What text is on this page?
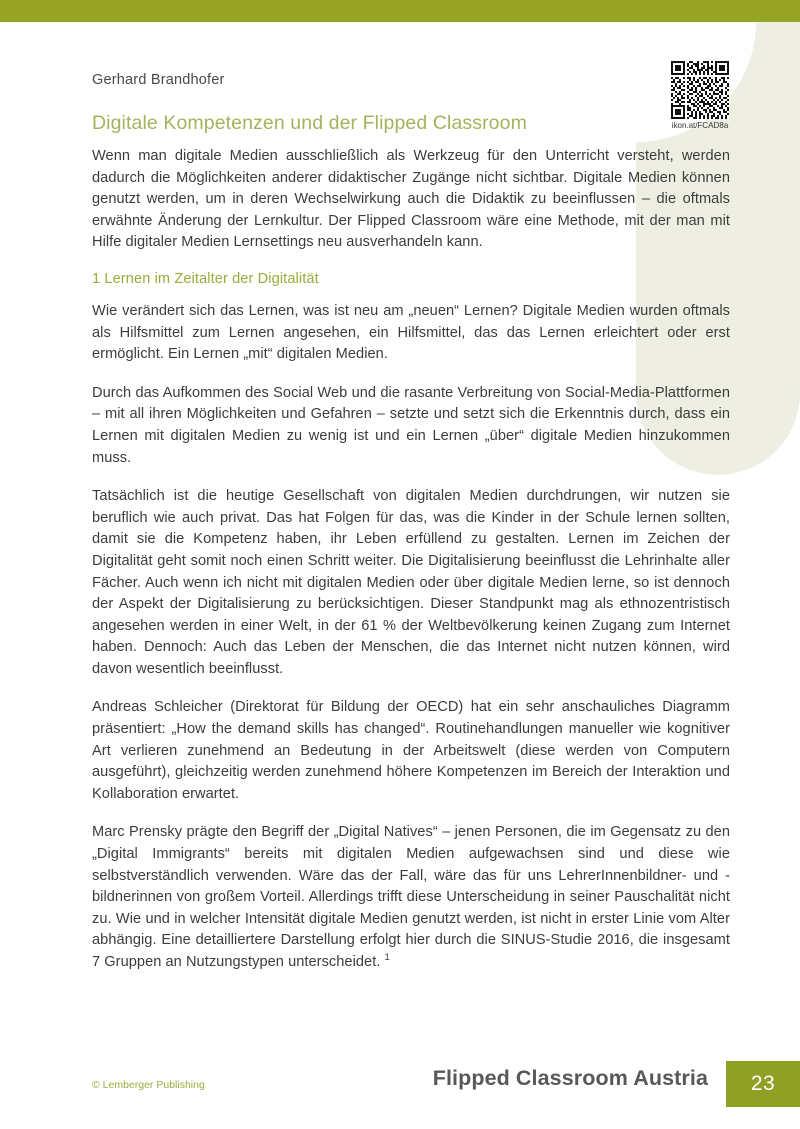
Gerhard Brandhofer
Digitale Kompetenzen und der Flipped Classroom	ikon.at/FCAD8a

Wenn man digitale Medien ausschließlich als Werkzeug für den Unterricht versteht, werden dadurch die Möglichkeiten anderer didaktischer Zugänge nicht sichtbar. Digitale Medien können genutzt werden, um in deren Wechselwirkung auch die Didaktik zu beeinflussen – die oftmals erwähnte Änderung der Lernkultur. Der Flipped Classroom wäre eine Methode, mit der man mit Hilfe digitaler Medien Lernsettings neu ausverhandeln kann.

1 Lernen im Zeitalter der Digitalität

Wie verändert sich das Lernen, was ist neu am „neuen“ Lernen? Digitale Medien wurden oftmals als Hilfsmittel zum Lernen angesehen, ein Hilfsmittel, das das Lernen erleichtert oder erst ermöglicht. Ein Lernen „mit“ digitalen Medien.

Durch das Aufkommen des Social Web und die rasante Verbreitung von Social-Media-Plattformen – mit all ihren Möglichkeiten und Gefahren – setzte und setzt sich die Erkenntnis durch, dass ein Lernen mit digitalen Medien zu wenig ist und ein Lernen „über“ digitale Medien hinzukommen muss.

Tatsächlich ist die heutige Gesellschaft von digitalen Medien durchdrungen, wir nutzen sie beruflich wie auch privat. Das hat Folgen für das, was die Kinder in der Schule lernen sollten, damit sie die Kompetenz haben, ihr Leben erfüllend zu gestalten. Lernen im Zeichen der Digitalität geht somit noch einen Schritt weiter. Die Digitalisierung beeinflusst die Lehrinhalte aller Fächer. Auch wenn ich nicht mit digitalen Medien oder über digitale Medien lerne, so ist dennoch der Aspekt der Digitalisierung zu berücksichtigen. Dieser Standpunkt mag als ethnozentristisch angesehen werden in einer Welt, in der 61 % der Weltbevölkerung keinen Zugang zum Internet haben. Dennoch: Auch das Leben der Menschen, die das Internet nicht nutzen können, wird davon wesentlich beeinflusst.

Andreas Schleicher (Direktorat für Bildung der OECD) hat ein sehr anschauliches Diagramm präsentiert: „How the demand skills has changed“. Routinehandlungen manueller wie kognitiver Art verlieren zunehmend an Bedeutung in der Arbeitswelt (diese werden von Computern ausgeführt), gleichzeitig werden zunehmend höhere Kompetenzen im Bereich der Interaktion und Kollaboration erwartet.

Marc Prensky prägte den Begriff der „Digital Natives“ – jenen Personen, die im Gegensatz zu den „Digital Immigrants“ bereits mit digitalen Medien aufgewachsen sind und diese wie selbstverständlich verwenden. Wäre das der Fall, wäre das für uns LehrerInnenbildner- und -bildnerinnen von großem Vorteil. Allerdings trifft diese Unterscheidung in seiner Pauschalität nicht zu. Wie und in welcher Intensität digitale Medien genutzt werden, ist nicht in erster Linie vom Alter abhängig. Eine detailliertere Darstellung erfolgt hier durch die SINUS-Studie 2016, die insgesamt 7 Gruppen an Nutzungstypen unterscheidet. $^1$

© Lemberger Publishing	Flipped Classroom Austria 23
